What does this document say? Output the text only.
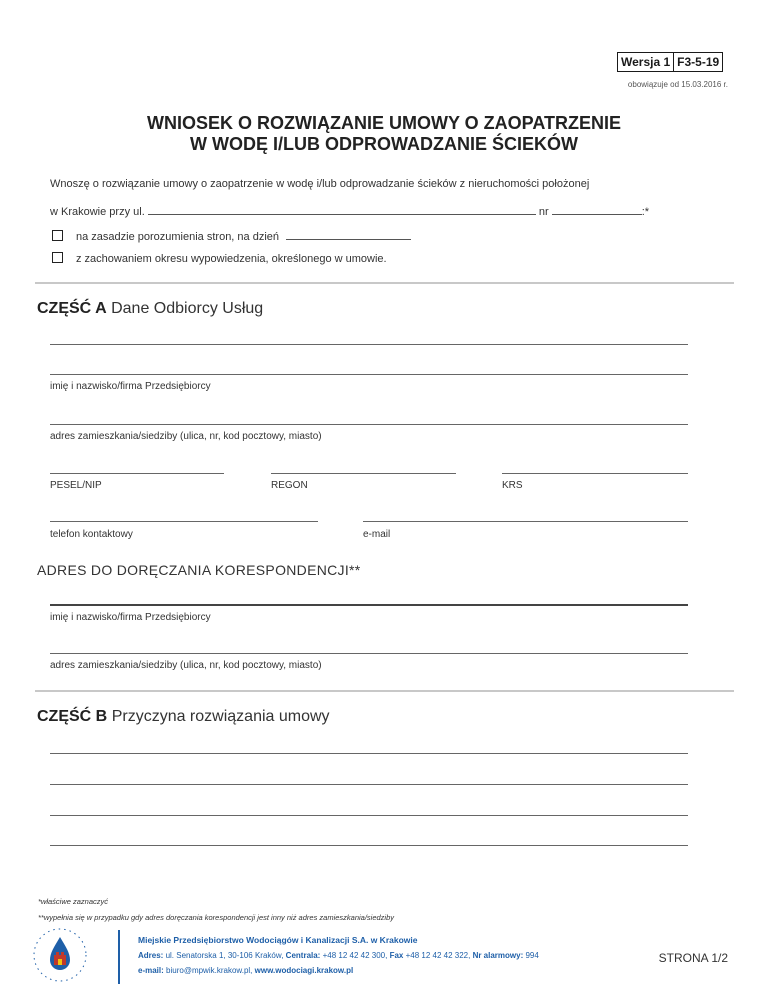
Wersja 1 F3-5-19
obowiązuje od 15.03.2016 r.
WNIOSEK O ROZWIĄZANIE UMOWY O ZAOPATRZENIE
W WODĘ I/LUB ODPROWADZANIE ŚCIEKÓW
Wnoszę o rozwiązanie umowy o zaopatrzenie w wodę i/lub odprowadzanie ścieków z nieruchomości położonej
w Krakowie przy ul.	nr	:*
na zasadzie porozumienia stron, na dzień
z zachowaniem okresu wypowiedzenia, określonego w umowie.
CZĘŚĆ A Dane Odbiorcy Usług
imię i nazwisko/firma Przedsiębiorcy
adres zamieszkania/siedziby (ulica, nr, kod pocztowy, miasto)
PESEL/NIP	REGON	KRS
telefon kontaktowy	e-mail
ADRES DO DORĘCZANIA KORESPONDENCJI**
imię i nazwisko/firma Przedsiębiorcy
adres zamieszkania/siedziby (ulica, nr, kod pocztowy, miasto)
CZĘŚĆ B Przyczyna rozwiązania umowy
*właściwe zaznaczyć
**wypełnia się w przypadku gdy adres doręczania korespondencji jest inny niż adres zamieszkania/siedziby
Miejskie Przedsiębiorstwo Wodociągów i Kanalizacji S.A. w Krakowie
Adres: ul. Senatorska 1, 30-106 Kraków, Centrala: +48 12 42 42 300, Fax +48 12 42 42 322, Nr alarmowy: 994
e-mail: biuro@mpwik.krakow.pl, www.wodociagi.krakow.pl
STRONA 1/2
